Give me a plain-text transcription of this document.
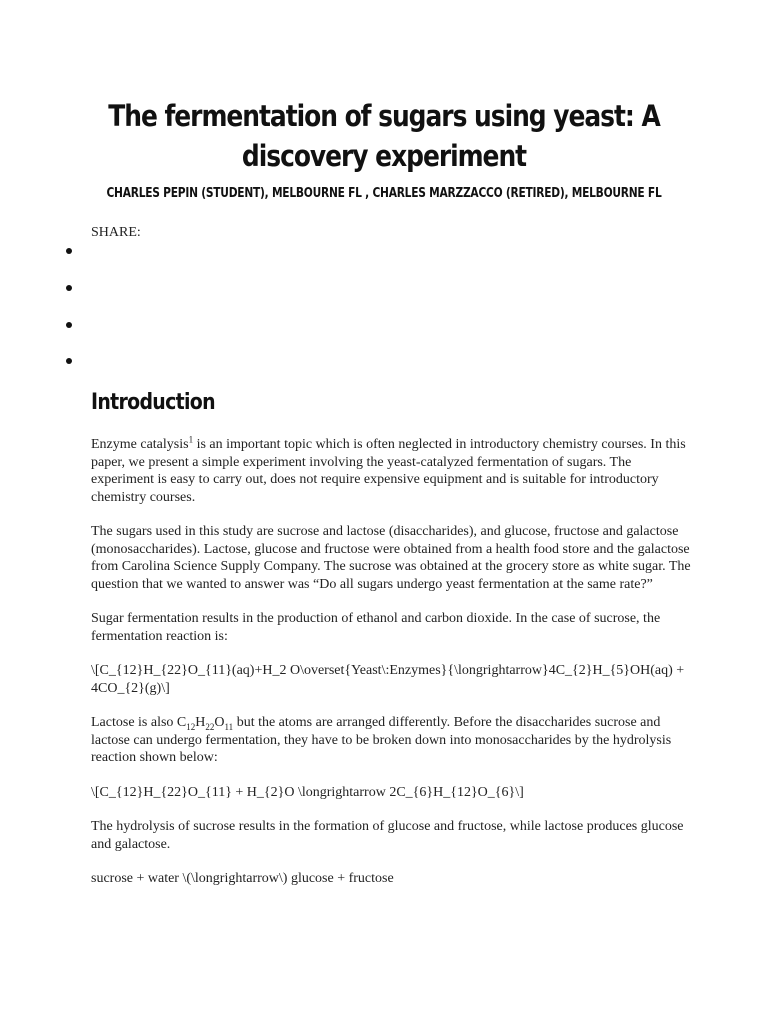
The fermentation of sugars using yeast: A discovery experiment
CHARLES PEPIN (STUDENT), MELBOURNE FL , CHARLES MARZZACCO (RETIRED), MELBOURNE FL
SHARE:
Introduction

Enzyme catalysis$^1$ is an important topic which is often neglected in introductory chemistry courses. In this paper, we present a simple experiment involving the yeast-catalyzed fermentation of sugars. The experiment is easy to carry out, does not require expensive equipment and is suitable for introductory chemistry courses.

The sugars used in this study are sucrose and lactose (disaccharides), and glucose, fructose and galactose (monosaccharides). Lactose, glucose and fructose were obtained from a health food store and the galactose from Carolina Science Supply Company. The sucrose was obtained at the grocery store as white sugar. The question that we wanted to answer was “Do all sugars undergo yeast fermentation at the same rate?”

Sugar fermentation results in the production of ethanol and carbon dioxide. In the case of sucrose, the fermentation reaction is:

\[C_{12}H_{22}O_{11}(aq)+H_2 O\overset{Yeast\:Enzymes}{\longrightarrow}4C_{2}H_{5}OH(aq) + 4CO_{2}(g)\]

Lactose is also $C_{12}H_{22}O_{11}$ but the atoms are arranged differently. Before the disaccharides sucrose and lactose can undergo fermentation, they have to be broken down into monosaccharides by the hydrolysis reaction shown below:

\[C_{12}H_{22}O_{11} + H_{2}O \longrightarrow 2C_{6}H_{12}O_{6}\]

The hydrolysis of sucrose results in the formation of glucose and fructose, while lactose produces glucose and galactose.

sucrose + water \(\longrightarrow\) glucose + fructose
